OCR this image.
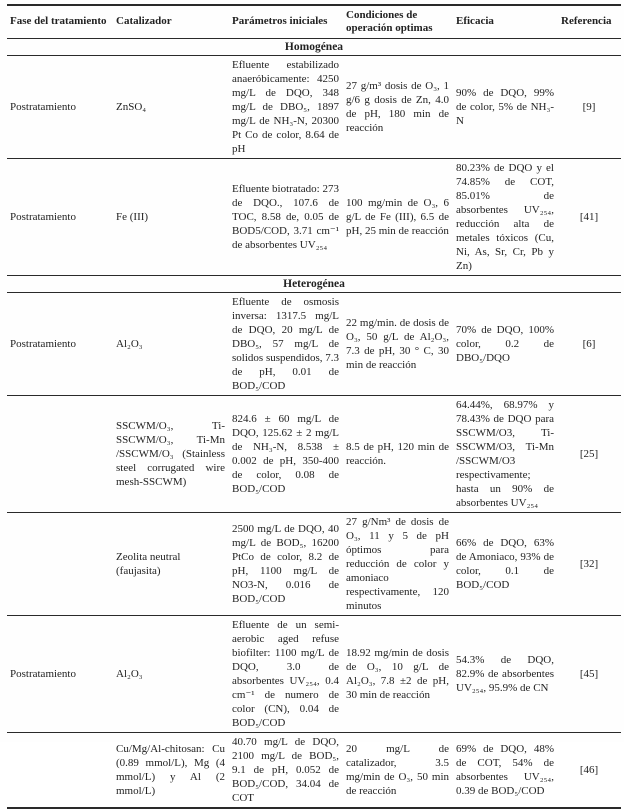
Fase del tratamiento	Catalizador	Parámetros iniciales	Condiciones de operación optimas	Eficacia	Referencia
Homogénea					
Postratamiento	ZnSO₄	Efluente estabilizado anaeróbicamente: 4250 mg/L de DQO, 348 mg/L de DBO₅, 1897 mg/L de NH₃-N, 20300 Pt Co de color, 8.64 de pH	27 g/m³ dosis de O₃, 1 g/6 g dosis de Zn, 4.0 de pH, 180 min de reacción	90% de DQO, 99% de color, 5% de NH₃-N	[9]
Postratamiento	Fe (III)	Efluente biotratado: 273 de DQO., 107.6 de TOC, 8.58 de, 0.05 de BOD5/COD, 3.71 cm⁻¹ de absorbentes UV₂₅₄	100 mg/min de O₃, 6 g/L de Fe (III), 6.5 de pH, 25 min de reacción	80.23% de DQO y el 74.85% de COT, 85.01% de absorbentes UV₂₅₄, reducción alta de metales tóxicos (Cu, Ni, As, Sr, Cr, Pb y Zn)	[41]
Heterogénea					
Postratamiento	Al₂O₃	Efluente de osmosis inversa: 1317.5 mg/L de DQO, 20 mg/L de DBO₅, 57 mg/L de solidos suspendidos, 7.3 de pH, 0.01 de BOD₅/COD	22 mg/min. de dosis de O₃, 50 g/L de Al₂O₃, 7.3 de pH, 30 ° C, 30 min de reacción	70% de DQO, 100% color, 0.2 de DBO₅/DQO	[6]
	SSCWM/O₃, Ti-SSCWM/O₃, Ti-Mn /SSCWM/O₃ (Stainless steel corrugated wire mesh-SSCWM)	824.6 ± 60 mg/L de DQO, 125.62 ± 2 mg/L de NH₃-N, 8.538 ± 0.002 de pH, 350-400 de color, 0.08 de BOD₅/COD	8.5 de pH, 120 min de reacción.	64.44%, 68.97% y 78.43% de DQO para SSCWM/O3, Ti-SSCWM/O3, Ti-Mn /SSCWM/O3 respectivamente; hasta un 90% de absorbentes UV₂₅₄	[25]
	Zeolita neutral (faujasita)	2500 mg/L de DQO, 40 mg/L de BOD₅, 16200 PtCo de color, 8.2 de pH, 1100 mg/L de NO3-N, 0.016 de BOD₅/COD	27 g/Nm³ de dosis de O₃, 11 y 5 de pH óptimos para reducción de color y amoniaco respectivamente, 120 minutos	66% de DQO, 63% de Amoniaco, 93% de color, 0.1 de BOD₅/COD	[32]
Postratamiento	Al₂O₃	Efluente de un semi-aerobic aged refuse biofilter: 1100 mg/L de DQO, 3.0 de absorbentes UV₂₅₄, 0.4 cm⁻¹ de numero de color (CN), 0.04 de BOD₅/COD	18.92 mg/min de dosis de O₃, 10 g/L de Al₂O₃, 7.8 ±2 de pH, 30 min de reacción	54.3% de DQO, 82.9% de absorbentes UV₂₅₄, 95.9% de CN	[45]
	Cu/Mg/Al-chitosan: Cu (0.89 mmol/L), Mg (4 mmol/L) y Al (2 mmol/L)	40.70 mg/L de DQO, 2100 mg/L de BOD₅, 9.1 de pH, 0.052 de BOD₅/COD, 34.04 de COT	20 mg/L de catalizador, 3.5 mg/min de O₃, 50 min de reacción	69% de DQO, 48% de COT, 54% de absorbentes UV₂₅₄, 0.39 de BOD₅/COD	[46]
